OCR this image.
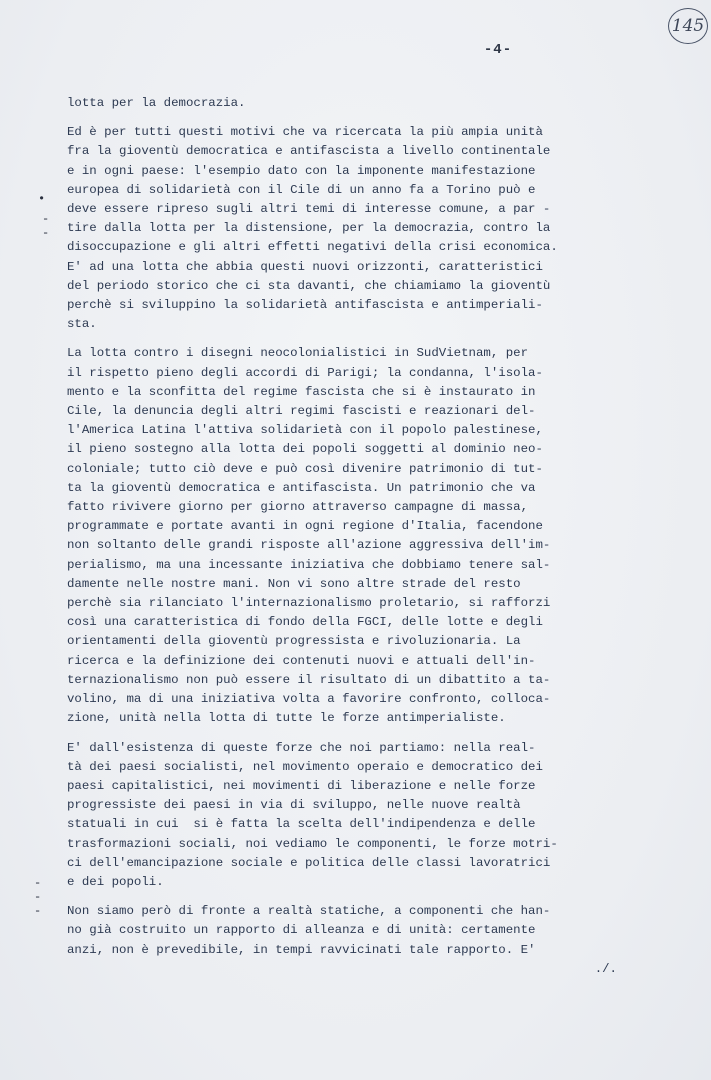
145
-4-
•
-
-
-
-
-
lotta per la democrazia.
Ed è per tutti questi motivi che va ricercata la più ampia unità
fra la gioventù democratica e antifascista a livello continentale
e in ogni paese: l'esempio dato con la imponente manifestazione
europea di solidarietà con il Cile di un anno fa a Torino può e
deve essere ripreso sugli altri temi di interesse comune, a par -
tire dalla lotta per la distensione, per la democrazia, contro la
disoccupazione e gli altri effetti negativi della crisi economica.
E' ad una lotta che abbia questi nuovi orizzonti, caratteristici
del periodo storico che ci sta davanti, che chiamiamo la gioventù
perchè si sviluppino la solidarietà antifascista e antimperiali-
sta.
La lotta contro i disegni neocolonialistici in SudVietnam, per
il rispetto pieno degli accordi di Parigi; la condanna, l'isola-
mento e la sconfitta del regime fascista che si è instaurato in
Cile, la denuncia degli altri regimi fascisti e reazionari del-
l'America Latina l'attiva solidarietà con il popolo palestinese,
il pieno sostegno alla lotta dei popoli soggetti al dominio neo-
coloniale; tutto ciò deve e può così divenire patrimonio di tut-
ta la gioventù democratica e antifascista. Un patrimonio che va
fatto rivivere giorno per giorno attraverso campagne di massa,
programmate e portate avanti in ogni regione d'Italia, facendone
non soltanto delle grandi risposte all'azione aggressiva dell'im-
perialismo, ma una incessante iniziativa che dobbiamo tenere sal-
damente nelle nostre mani. Non vi sono altre strade del resto
perchè sia rilanciato l'internazionalismo proletario, si rafforzi
così una caratteristica di fondo della FGCI, delle lotte e degli
orientamenti della gioventù progressista e rivoluzionaria. La
ricerca e la definizione dei contenuti nuovi e attuali dell'in-
ternazionalismo non può essere il risultato di un dibattito a ta-
volino, ma di una iniziativa volta a favorire confronto, colloca-
zione, unità nella lotta di tutte le forze antimperialiste.
E' dall'esistenza di queste forze che noi partiamo: nella real-
tà dei paesi socialisti, nel movimento operaio e democratico dei
paesi capitalistici, nei movimenti di liberazione e nelle forze
progressiste dei paesi in via di sviluppo, nelle nuove realtà
statuali in cui  si è fatta la scelta dell'indipendenza e delle
trasformazioni sociali, noi vediamo le componenti, le forze motri-
ci dell'emancipazione sociale e politica delle classi lavoratrici
e dei popoli.
Non siamo però di fronte a realtà statiche, a componenti che han-
no già costruito un rapporto di alleanza e di unità: certamente
anzi, non è prevedibile, in tempi ravvicinati tale rapporto. E'
./.
